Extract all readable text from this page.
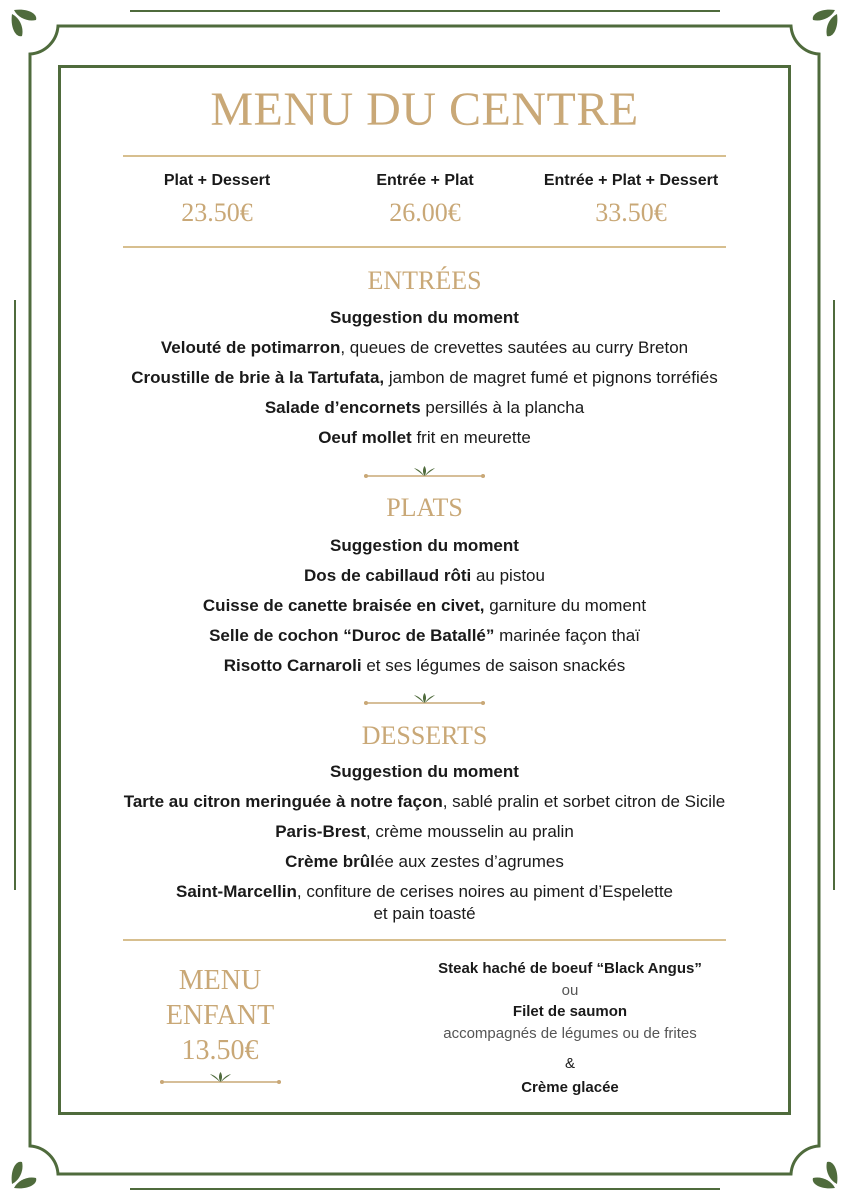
MENU DU CENTRE
Plat + Dessert
23.50€
Entrée + Plat
26.00€
Entrée + Plat + Dessert
33.50€
ENTRÉES
Suggestion du moment
Velouté de potimarron, queues de crevettes sautées au curry Breton
Croustille de brie à la Tartufata, jambon de magret fumé et pignons torréfiés
Salade d’encornets persillés à la plancha
Oeuf mollet frit en meurette
PLATS
Suggestion du moment
Dos de cabillaud rôti au pistou
Cuisse de canette braisée en civet, garniture du moment
Selle de cochon “Duroc de Batallé” marinée façon thaï
Risotto Carnaroli et ses légumes de saison snackés
DESSERTS
Suggestion du moment
Tarte au citron meringuée à notre façon, sablé pralin et sorbet citron de Sicile
Paris-Brest, crème mousselin au pralin
Crème brûlée aux zestes d’agrumes
Saint-Marcellin, confiture de cerises noires au piment d’Espelette
et pain toasté
MENU
ENFANT
13.50€
Steak haché de boeuf “Black Angus”
ou
Filet de saumon
accompagnés de légumes ou de frites
&
Crème glacée
